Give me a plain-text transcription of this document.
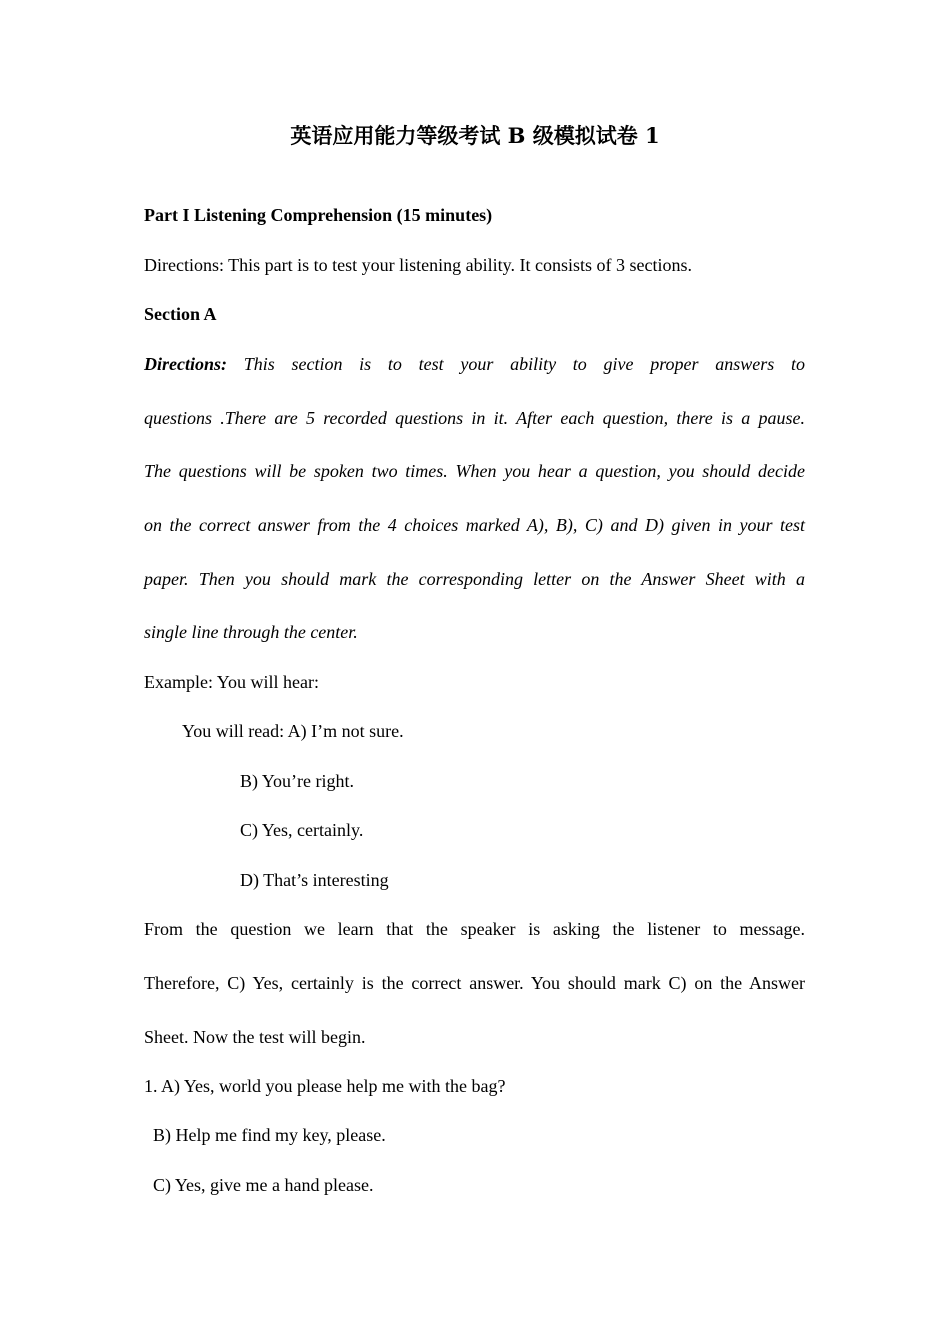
英语应用能力等级考试 B 级模拟试卷 1
Part I Listening Comprehension (15 minutes)
Directions: This part is to test your listening ability. It consists of 3 sections.
Section A
Directions: This section is to test your ability to give proper answers to
questions .There are 5 recorded questions in it. After each question, there is a pause.
The questions will be spoken two times. When you hear a question, you should decide
on the correct answer from the 4 choices marked A), B), C) and D) given in your test
paper. Then you should mark the corresponding letter on the Answer Sheet with a
single line through the center.
Example: You will hear:
You will read: A) I’m not sure.
B) You’re right.
C) Yes, certainly.
D) That’s interesting
From the question we learn that the speaker is asking the listener to message.
Therefore, C) Yes, certainly is the correct answer. You should mark C) on the Answer
Sheet. Now the test will begin.
1. A) Yes, world you please help me with the bag?
B) Help me find my key, please.
C) Yes, give me a hand please.
